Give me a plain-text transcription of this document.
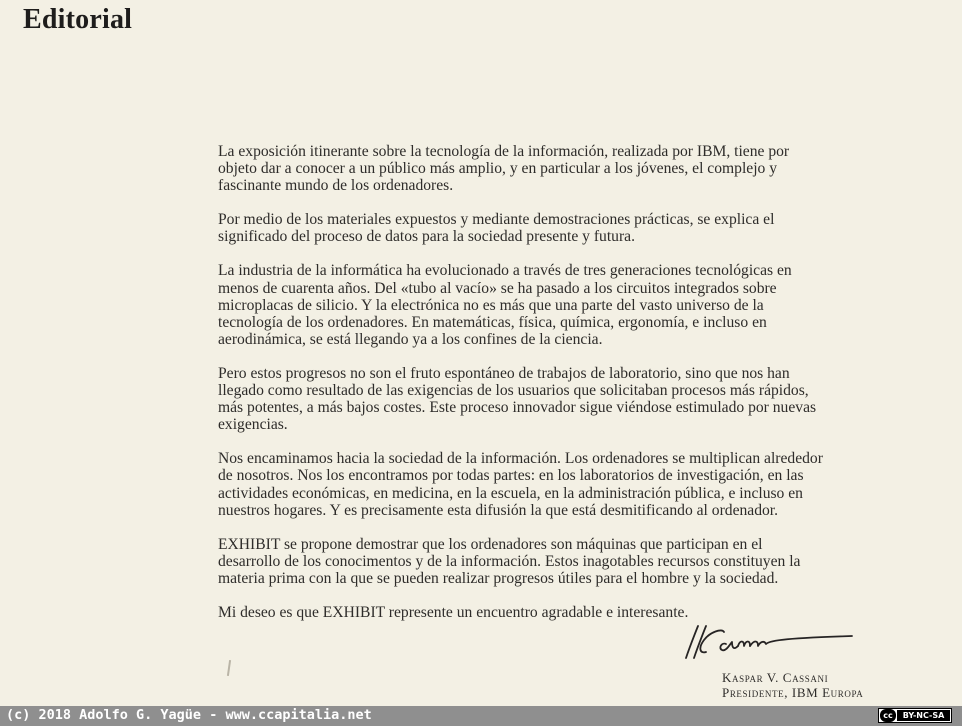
Editorial

La exposición itinerante sobre la tecnología de la información, realizada por IBM, tiene por
objeto dar a conocer a un público más amplio, y en particular a los jóvenes, el complejo y
fascinante mundo de los ordenadores.

Por medio de los materiales expuestos y mediante demostraciones prácticas, se explica el
significado del proceso de datos para la sociedad presente y futura.

La industria de la informática ha evolucionado a través de tres generaciones tecnológicas en
menos de cuarenta años. Del «tubo al vacío» se ha pasado a los circuitos integrados sobre
microplacas de silicio. Y la electrónica no es más que una parte del vasto universo de la
tecnología de los ordenadores. En matemáticas, física, química, ergonomía, e incluso en
aerodinámica, se está llegando ya a los confines de la ciencia.

Pero estos progresos no son el fruto espontáneo de trabajos de laboratorio, sino que nos han
llegado como resultado de las exigencias de los usuarios que solicitaban procesos más rápidos,
más potentes, a más bajos costes. Este proceso innovador sigue viéndose estimulado por nuevas
exigencias.

Nos encaminamos hacia la sociedad de la información. Los ordenadores se multiplican alrededor
de nosotros. Nos los encontramos por todas partes: en los laboratorios de investigación, en las
actividades económicas, en medicina, en la escuela, en la administración pública, e incluso en
nuestros hogares. Y es precisamente esta difusión la que está desmitificando al ordenador.

EXHIBIT se propone demostrar que los ordenadores son máquinas que participan en el
desarrollo de los conocimentos y de la información. Estos inagotables recursos constituyen la
materia prima con la que se pueden realizar progresos útiles para el hombre y la sociedad.

Mi deseo es que EXHIBIT represente un encuentro agradable e interesante.

Kaspar V. Cassani
Presidente, IBM Europa
(c) 2018 Adolfo G. Yagüe - www.ccapitalia.net	cc	BY-NC-SA
